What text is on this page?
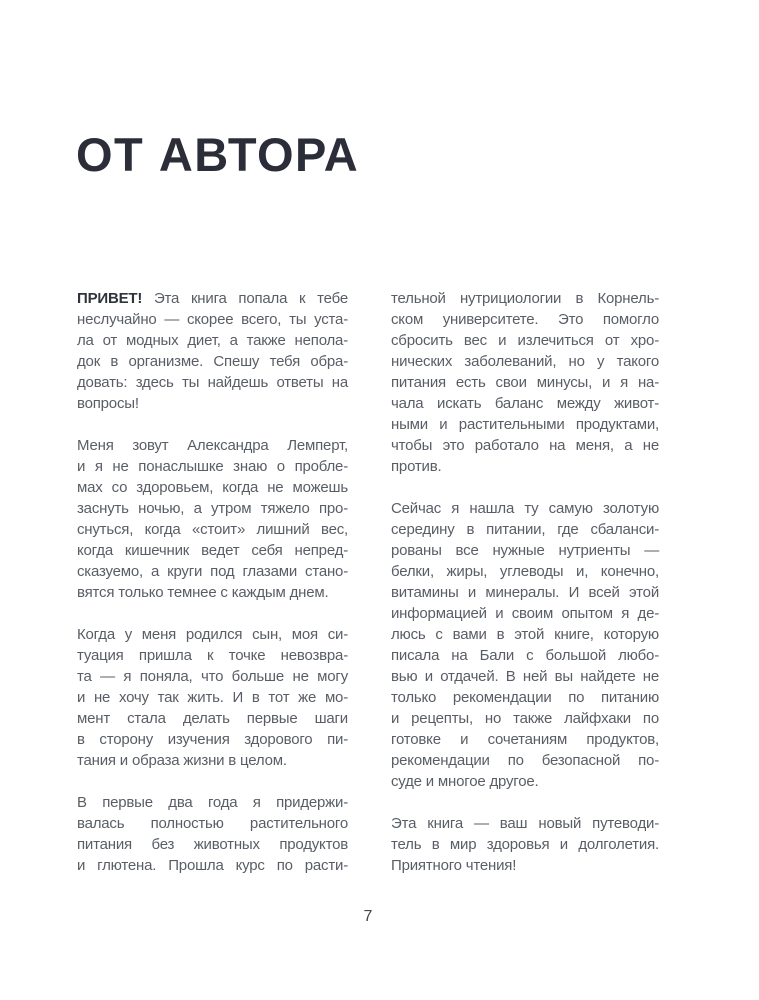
ОТ АВТОРА
ПРИВЕТ! Эта книга попала к тебе
неслучайно — скорее всего, ты уста-
ла от модных диет, а также непола-
док в организме. Спешу тебя обра-
довать: здесь ты найдешь ответы на
вопросы!
Меня зовут Александра Лемперт,
и я не понаслышке знаю о пробле-
мах со здоровьем, когда не можешь
заснуть ночью, а утром тяжело про-
снуться, когда «стоит» лишний вес,
когда кишечник ведет себя непред-
сказуемо, а круги под глазами стано-
вятся только темнее с каждым днем.
Когда у меня родился сын, моя си-
туация пришла к точке невозвра-
та — я поняла, что больше не могу
и не хочу так жить. И в тот же мо-
мент стала делать первые шаги
в сторону изучения здорового пи-
тания и образа жизни в целом.
В первые два года я придержи-
валась полностью растительного
питания без животных продуктов
и глютена. Прошла курс по расти-
тельной нутрициологии в Корнель-
ском университете. Это помогло
сбросить вес и излечиться от хро-
нических заболеваний, но у такого
питания есть свои минусы, и я на-
чала искать баланс между живот-
ными и растительными продуктами,
чтобы это работало на меня, а не
против.
Сейчас я нашла ту самую золотую
середину в питании, где сбаланси-
рованы все нужные нутриенты —
белки, жиры, углеводы и, конечно,
витамины и минералы. И всей этой
информацией и своим опытом я де-
люсь с вами в этой книге, которую
писала на Бали с большой любо-
вью и отдачей. В ней вы найдете не
только рекомендации по питанию
и рецепты, но также лайфхаки по
готовке и сочетаниям продуктов,
рекомендации по безопасной по-
суде и многое другое.
Эта книга — ваш новый путеводи-
тель в мир здоровья и долголетия.
Приятного чтения!
7
